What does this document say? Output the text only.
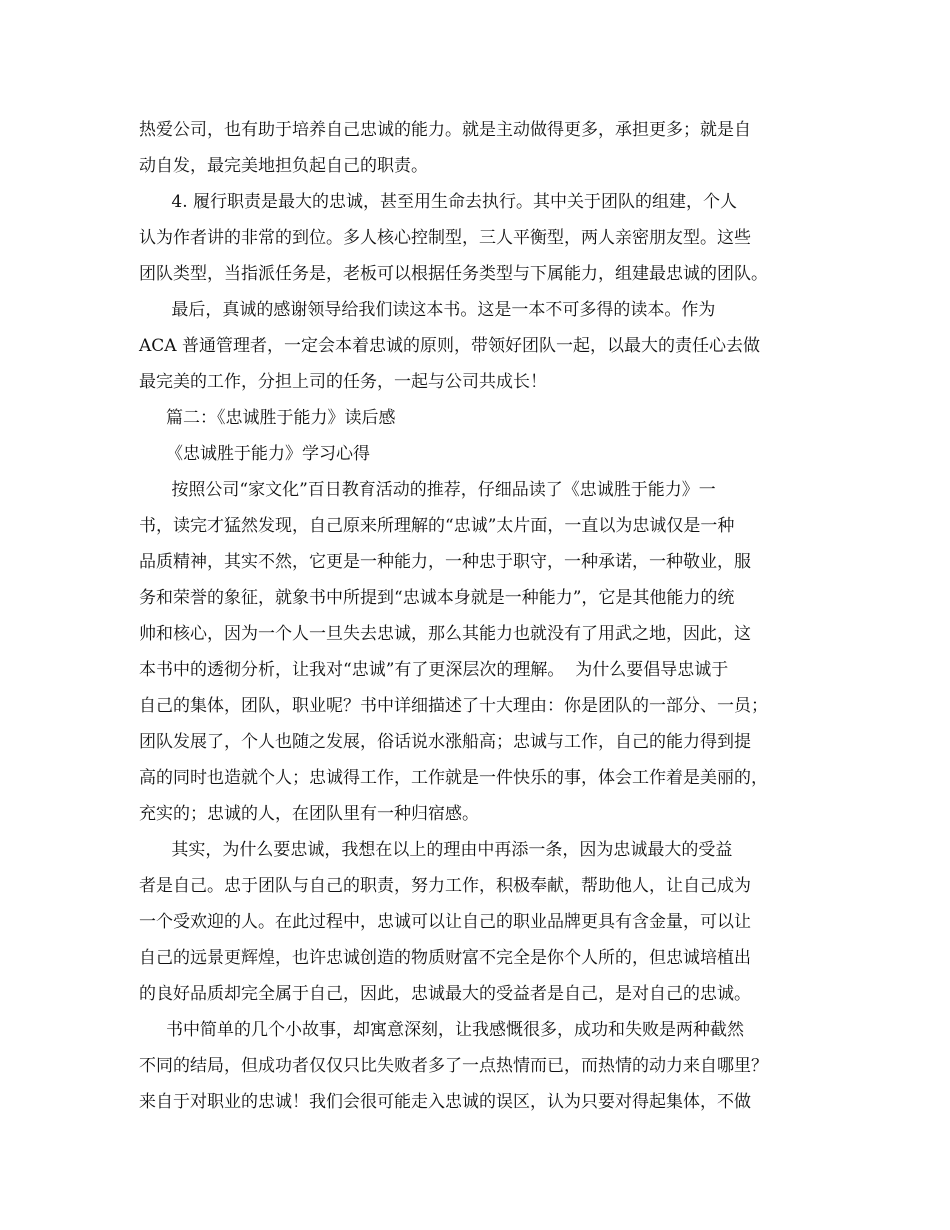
热爱公司，也有助于培养自己忠诚的能力。就是主动做得更多，承担更多；就是自
动自发，最完美地担负起自己的职责。
4. 履行职责是最大的忠诚，甚至用生命去执行。其中关于团队的组建，个人
认为作者讲的非常的到位。多人核心控制型，三人平衡型，两人亲密朋友型。这些
团队类型，当指派任务是，老板可以根据任务类型与下属能力，组建最忠诚的团队。
最后，真诚的感谢领导给我们读这本书。这是一本不可多得的读本。作为
ACA 普通管理者，一定会本着忠诚的原则，带领好团队一起，以最大的责任心去做
最完美的工作，分担上司的任务，一起与公司共成长！
篇二：《忠诚胜于能力》读后感
《忠诚胜于能力》学习心得
按照公司“家文化”百日教育活动的推荐，仔细品读了《忠诚胜于能力》一
书，读完才猛然发现，自己原来所理解的“忠诚”太片面，一直以为忠诚仅是一种
品质精神，其实不然，它更是一种能力，一种忠于职守，一种承诺，一种敬业，服
务和荣誉的象征，就象书中所提到“忠诚本身就是一种能力”，它是其他能力的统
帅和核心，因为一个人一旦失去忠诚，那么其能力也就没有了用武之地，因此，这
本书中的透彻分析，让我对“忠诚”有了更深层次的理解。  为什么要倡导忠诚于
自己的集体，团队，职业呢？书中详细描述了十大理由：你是团队的一部分、一员；
团队发展了，个人也随之发展，俗话说水涨船高；忠诚与工作，自己的能力得到提
高的同时也造就个人；忠诚得工作，工作就是一件快乐的事，体会工作着是美丽的，
充实的；忠诚的人，在团队里有一种归宿感。
其实，为什么要忠诚，我想在以上的理由中再添一条，因为忠诚最大的受益
者是自己。忠于团队与自己的职责，努力工作，积极奉献，帮助他人，让自己成为
一个受欢迎的人。在此过程中，忠诚可以让自己的职业品牌更具有含金量，可以让
自己的远景更辉煌，也许忠诚创造的物质财富不完全是你个人所的，但忠诚培植出
的良好品质却完全属于自己，因此，忠诚最大的受益者是自己，是对自己的忠诚。
书中简单的几个小故事，却寓意深刻，让我感慨很多，成功和失败是两种截然
不同的结局，但成功者仅仅只比失败者多了一点热情而已，而热情的动力来自哪里？
来自于对职业的忠诚！我们会很可能走入忠诚的误区，认为只要对得起集体，不做
